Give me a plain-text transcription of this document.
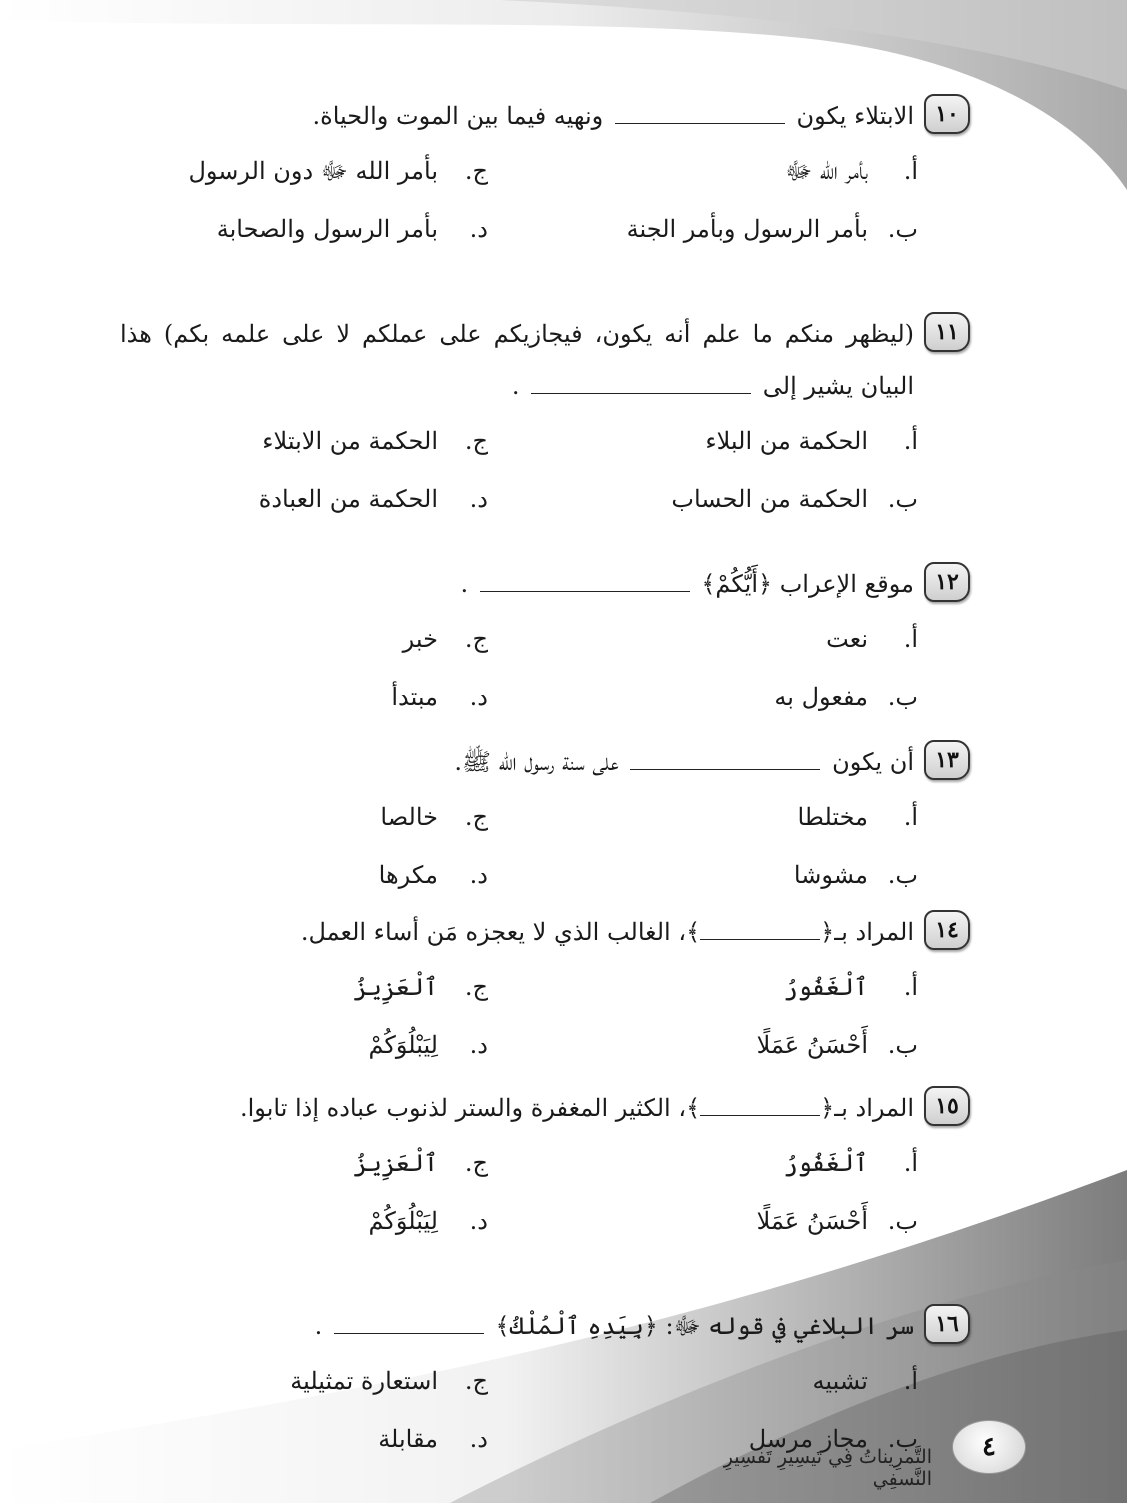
١٠
الابتلاء يكون  ونهيه فيما بين الموت والحياة.
أ.
بأمر الله ﷻ
ج.
بأمر الله ﷻ دون الرسول
ب.
بأمر الرسول وبأمر الجنة
د.
بأمر الرسول والصحابة
١١
(ليظهر منكم ما علم أنه يكون، فيجازيكم على عملكم لا على علمه بكم) هذا البيان يشير إلى  .
أ.
الحكمة من البلاء
ج.
الحكمة من الابتلاء
ب.
الحكمة من الحساب
د.
الحكمة من العبادة
١٢
موقع الإعراب ﴿أَيُّكُمْ﴾  .
أ.
نعت
ج.
خبر
ب.
مفعول به
د.
مبتدأ
١٣
أن يكون  على سنة رسول الله ﷺ.
أ.
مختلطا
ج.
خالصا
ب.
مشوشا
د.
مكرها
١٤
المراد بـ﴿﴾، الغالب الذي لا يعجزه مَن أساء العمل.
أ.
ٱلْغَفُورُ
ج.
ٱلْعَزِيزُ
ب.
أَحْسَنُ عَمَلًا
د.
لِيَبْلُوَكُمْ
١٥
المراد بـ﴿﴾، الكثير المغفرة والستر لذنوب عباده إذا تابوا.
أ.
ٱلْغَفُورُ
ج.
ٱلْعَزِيزُ
ب.
أَحْسَنُ عَمَلًا
د.
لِيَبْلُوَكُمْ
١٦
سر البلاغي في قوله ﷻ: ﴿بِيَدِهِ ٱلْمُلْكُ﴾  .
أ.
تشبيه
ج.
استعارة تمثيلية
ب.
مجاز مرسل
د.
مقابلة
التَّمرِيناتُ فِي تَيسِيرِ تَفسِيرِ النَّسفِي
٤
